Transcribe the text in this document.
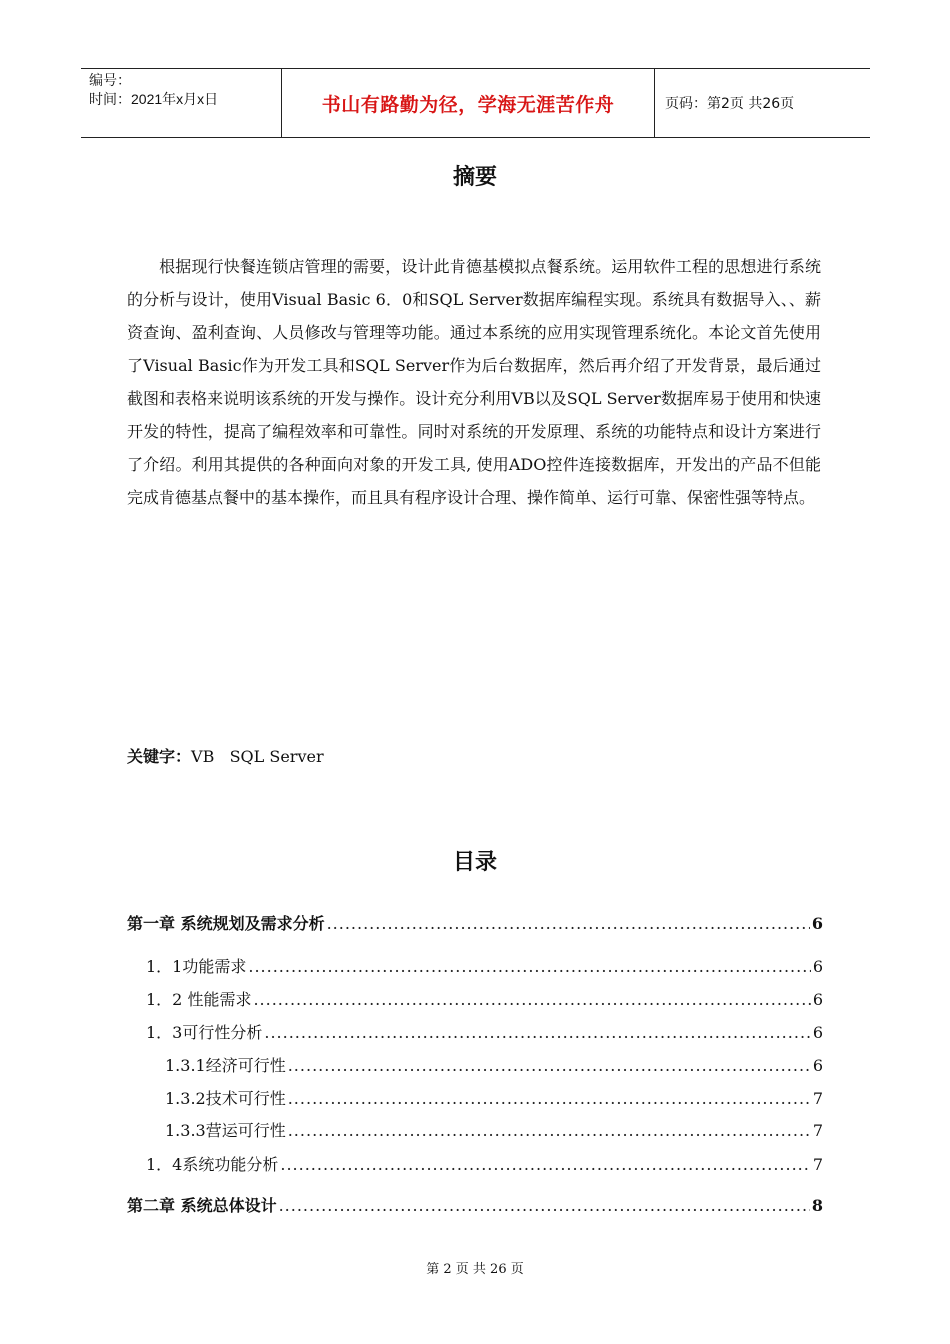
编号：
时间：2021年x月x日	书山有路勤为径，学海无涯苦作舟	页码：第2页 共26页
摘要

根据现行快餐连锁店管理的需要，设计此肯德基模拟点餐系统。运用软件工程的思想进行系统的分析与设计，使用Visual Basic 6．0和SQL Server数据库编程实现。系统具有数据导入、、薪资查询、盈利查询、人员修改与管理等功能。通过本系统的应用实现管理系统化。本论文首先使用了Visual Basic作为开发工具和SQL Server作为后台数据库，然后再介绍了开发背景，最后通过截图和表格来说明该系统的开发与操作。设计充分利用VB以及SQL Server数据库易于使用和快速开发的特性，提高了编程效率和可靠性。同时对系统的开发原理、系统的功能特点和设计方案进行了介绍。利用其提供的各种面向对象的开发工具, 使用ADO控件连接数据库，开发出的产品不但能完成肯德基点餐中的基本操作，而且具有程序设计合理、操作简单、运行可靠、保密性强等特点。

关键字：VB   SQL Server
目录
第一章 系统规划及需求分析 .....	6
1．1功能需求 .....	6
1．2 性能需求 .....	6
1．3可行性分析 .....	6
1.3.1经济可行性 .....	6
1.3.2技术可行性 .....	7
1.3.3营运可行性 .....	7
1．4系统功能分析 .....	7
第二章 系统总体设计 .....	8
第 2 页 共 26 页
